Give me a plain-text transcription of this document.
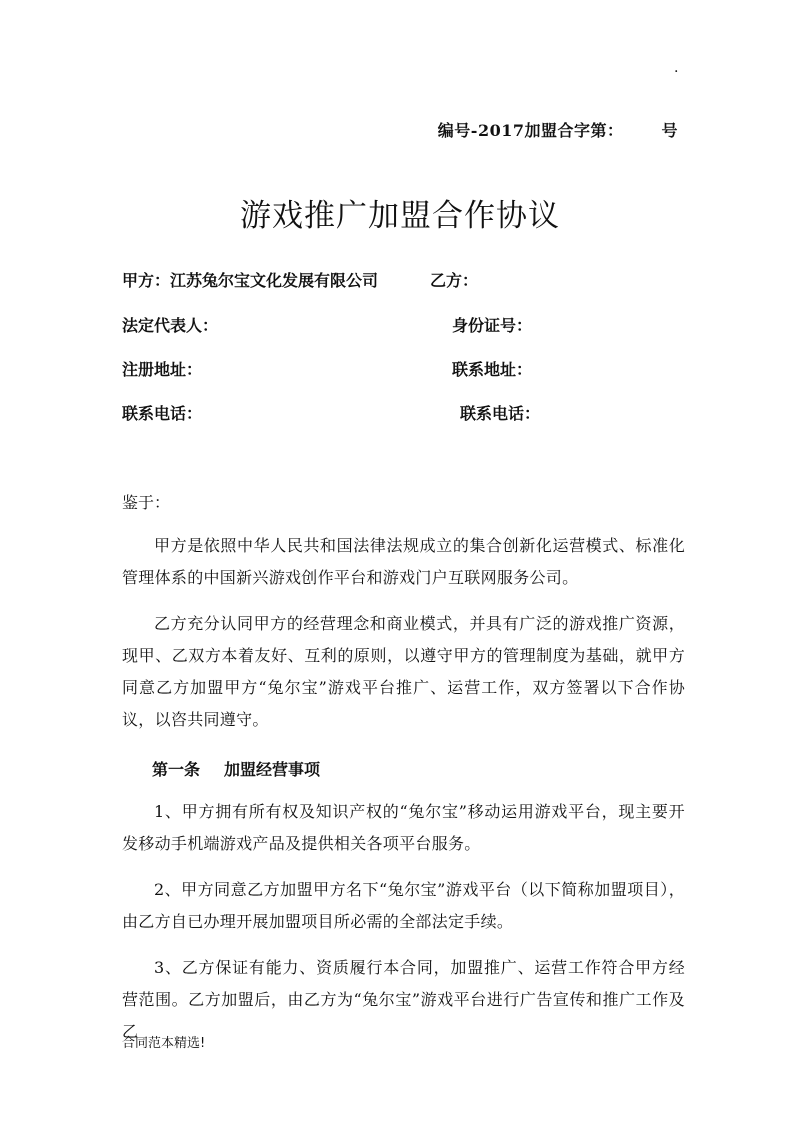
.
编号-2017加盟合字第： 号
游戏推广加盟合作协议
甲方：江苏兔尔宝文化发展有限公司	乙方：
法定代表人：	身份证号：
注册地址：	联系地址：
联系电话：	联系电话：
鉴于：
甲方是依照中华人民共和国法律法规成立的集合创新化运营模式、标准化管理体系的中国新兴游戏创作平台和游戏门户互联网服务公司。
乙方充分认同甲方的经营理念和商业模式，并具有广泛的游戏推广资源，现甲、乙双方本着友好、互利的原则，以遵守甲方的管理制度为基础，就甲方同意乙方加盟甲方“兔尔宝”游戏平台推广、运营工作，双方签署以下合作协议，以咨共同遵守。
第一条 加盟经营事项
1、甲方拥有所有权及知识产权的“兔尔宝”移动运用游戏平台，现主要开发移动手机端游戏产品及提供相关各项平台服务。
2、甲方同意乙方加盟甲方名下“兔尔宝”游戏平台（以下简称加盟项目），由乙方自已办理开展加盟项目所必需的全部法定手续。
3、乙方保证有能力、资质履行本合同，加盟推广、运营工作符合甲方经营范围。乙方加盟后，由乙方为“兔尔宝”游戏平台进行广告宣传和推广工作及乙
合同范本精选!
